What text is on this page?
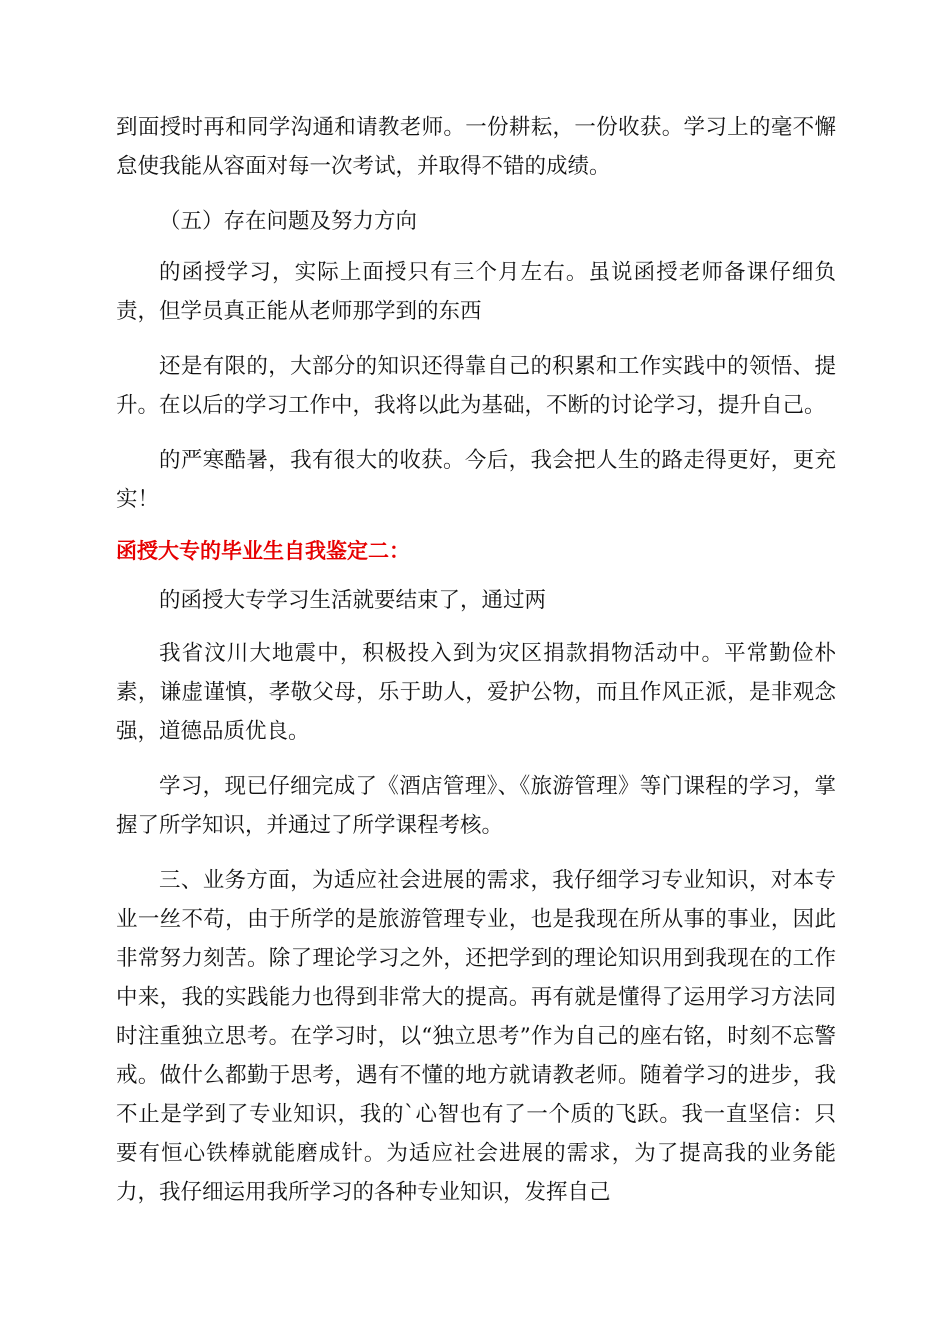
到面授时再和同学沟通和请教老师。一份耕耘，一份收获。学习上的毫不懈怠使我能从容面对每一次考试，并取得不错的成绩。

（五）存在问题及努力方向

的函授学习，实际上面授只有三个月左右。虽说函授老师备课仔细负责，但学员真正能从老师那学到的东西

还是有限的，大部分的知识还得靠自己的积累和工作实践中的领悟、提升。在以后的学习工作中，我将以此为基础，不断的讨论学习，提升自己。

的严寒酷暑，我有很大的收获。今后，我会把人生的路走得更好，更充实！

函授大专的毕业生自我鉴定二：

的函授大专学习生活就要结束了，通过两

我省汶川大地震中，积极投入到为灾区捐款捐物活动中。平常勤俭朴素，谦虚谨慎，孝敬父母，乐于助人，爱护公物，而且作风正派，是非观念强，道德品质优良。

学习，现已仔细完成了《酒店管理》、《旅游管理》等门课程的学习，掌握了所学知识，并通过了所学课程考核。

三、业务方面，为适应社会进展的需求，我仔细学习专业知识，对本专业一丝不苟，由于所学的是旅游管理专业，也是我现在所从事的事业，因此非常努力刻苦。除了理论学习之外，还把学到的理论知识用到我现在的工作中来，我的实践能力也得到非常大的提高。再有就是懂得了运用学习方法同时注重独立思考。在学习时，以“独立思考”作为自己的座右铭，时刻不忘警戒。做什么都勤于思考，遇有不懂的地方就请教老师。随着学习的进步，我不止是学到了专业知识，我的`心智也有了一个质的飞跃。我一直坚信：只要有恒心铁棒就能磨成针。为适应社会进展的需求，为了提高我的业务能力，我仔细运用我所学习的各种专业知识，发挥自己
